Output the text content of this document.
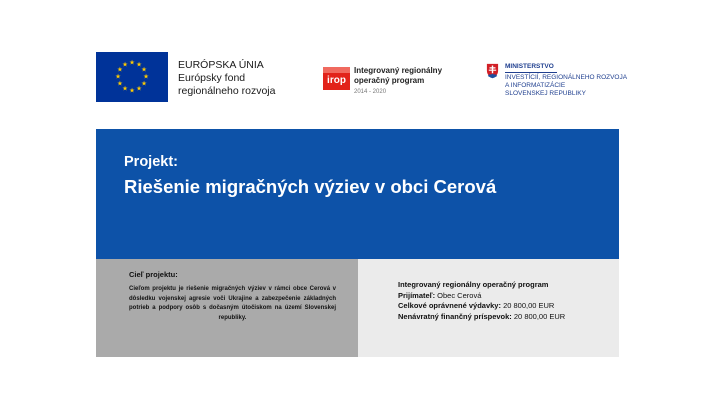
★ ★
★
★
★
★
★
★
★
★
★
★	EURÓPSKA ÚNIA
Európsky fond
regionálneho rozvoja
irop
Integrovaný regionálny
operačný program
2014 - 2020
MINISTERSTVO
INVESTÍCIÍ, REGIONÁLNEHO ROZVOJA
A INFORMATIZÁCIE
SLOVENSKEJ REPUBLIKY
Projekt:
Riešenie migračných výziev v obci Cerová
Cieľ projektu:
Cieľom projektu je riešenie migračných výziev v rámci obce Cerová v dôsledku vojenskej agresie voči Ukrajine a zabezpečenie základných potrieb a podpory osôb s dočasným útočiskom na území Slovenskej republiky.
Integrovaný regionálny operačný program
Prijímateľ: Obec Cerová
Celkové oprávnené výdavky: 20 800,00 EUR
Nenávratný finančný príspevok: 20 800,00 EUR
